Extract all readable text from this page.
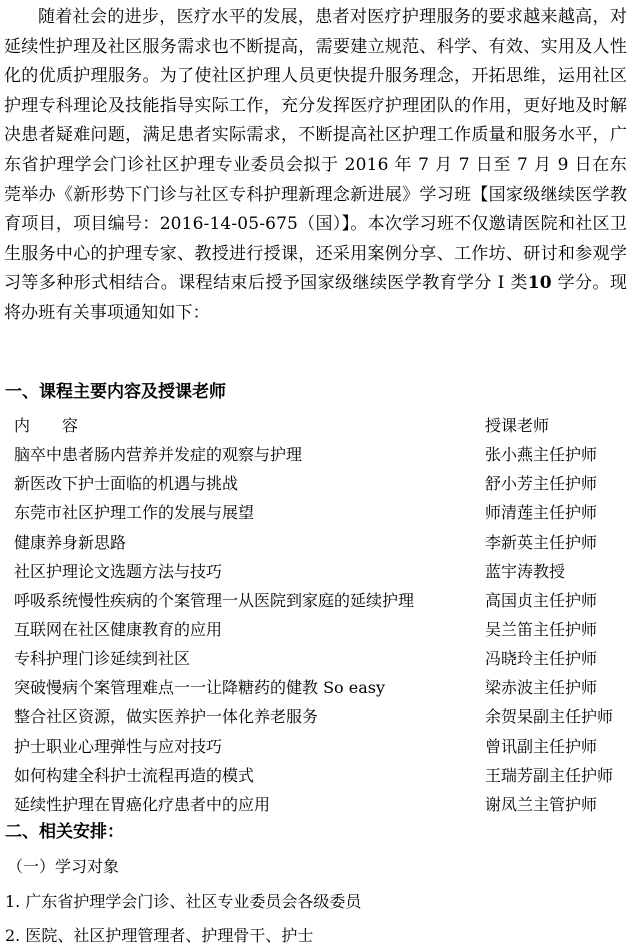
随着社会的进步，医疗水平的发展，患者对医疗护理服务的要求越来越高，对延续性护理及社区服务需求也不断提高，需要建立规范、科学、有效、实用及人性化的优质护理服务。为了使社区护理人员更快提升服务理念，开拓思维，运用社区护理专科理论及技能指导实际工作，充分发挥医疗护理团队的作用，更好地及时解决患者疑难问题，满足患者实际需求，不断提高社区护理工作质量和服务水平，广东省护理学会门诊社区护理专业委员会拟于 2016 年 7 月 7 日至 7 月 9 日在东莞举办《新形势下门诊与社区专科护理新理念新进展》学习班【国家级继续医学教育项目，项目编号：2016-14-05-675（国）】。本次学习班不仅邀请医院和社区卫生服务中心的护理专家、教授进行授课，还采用案例分享、工作坊、研讨和参观学习等多种形式相结合。课程结束后授予国家级继续医学教育学分 I 类10 学分。现将办班有关事项通知如下：

一、课程主要内容及授课老师
内　　容	授课老师
脑卒中患者肠内营养并发症的观察与护理	张小燕主任护师
新医改下护士面临的机遇与挑战	舒小芳主任护师
东莞市社区护理工作的发展与展望	师清莲主任护师
健康养身新思路	李新英主任护师
社区护理论文选题方法与技巧	蓝宇涛教授
呼吸系统慢性疾病的个案管理一从医院到家庭的延续护理	高国贞主任护师
互联网在社区健康教育的应用	吴兰笛主任护师
专科护理门诊延续到社区	冯晓玲主任护师
突破慢病个案管理难点一一让降糖药的健教 So easy	梁赤波主任护师
整合社区资源，做实医养护一体化养老服务	余贺杲副主任护师
护士职业心理弹性与应对技巧	曾讯副主任护师
如何构建全科护士流程再造的模式	王瑞芳副主任护师
延续性护理在胃癌化疗患者中的应用	谢凤兰主管护师
二、相关安排：

（一）学习对象

1. 广东省护理学会门诊、社区专业委员会各级委员

2. 医院、社区护理管理者、护理骨干、护士
